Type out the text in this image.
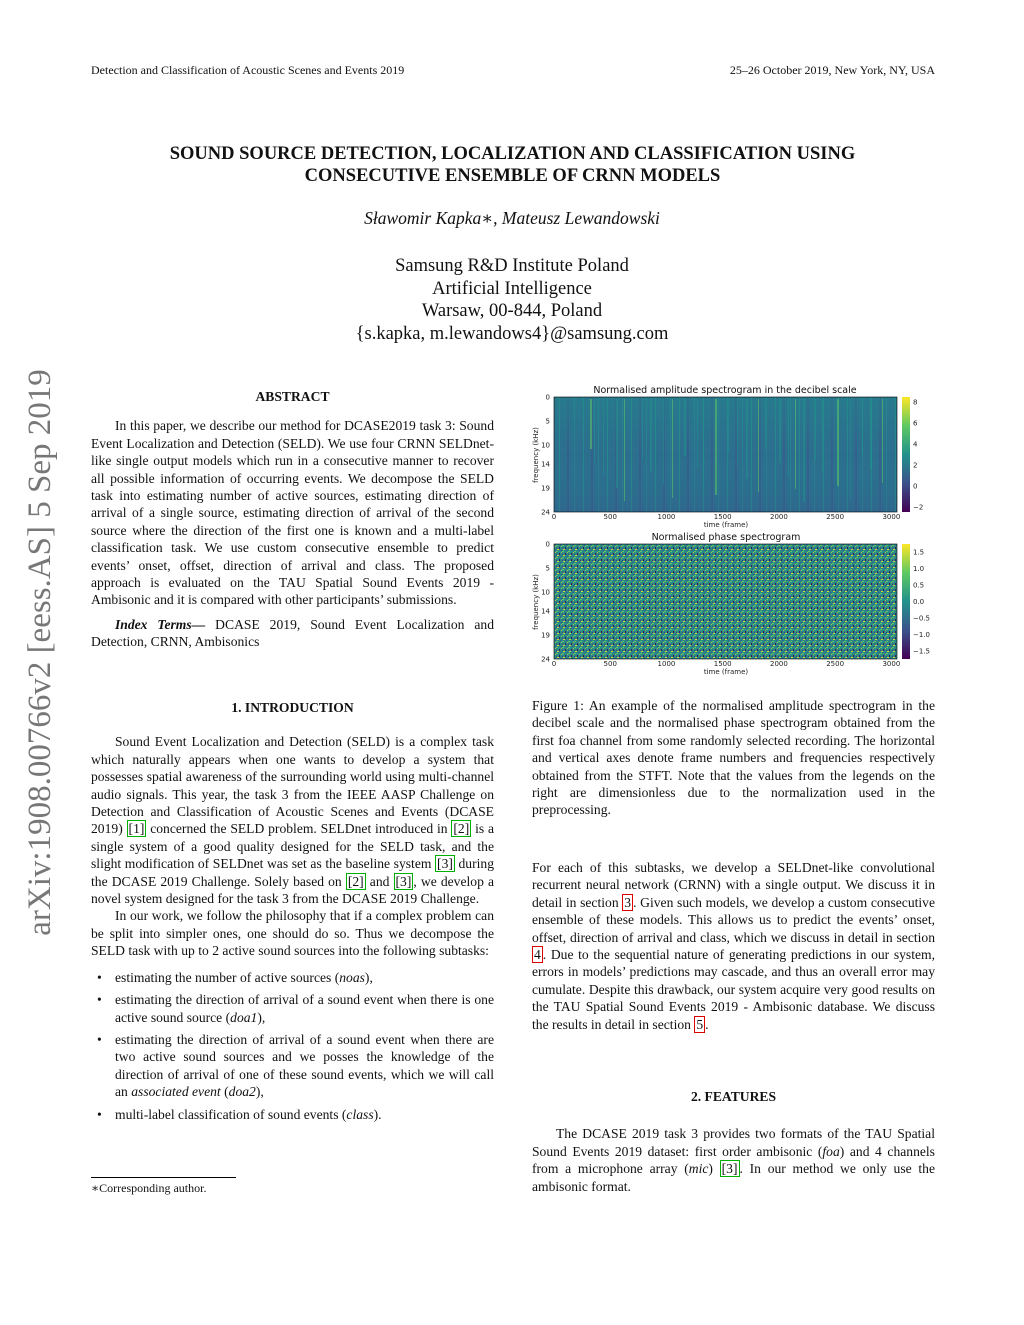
Detection and Classification of Acoustic Scenes and Events 2019	25–26 October 2019, New York, NY, USA
SOUND SOURCE DETECTION, LOCALIZATION AND CLASSIFICATION USING
CONSECUTIVE ENSEMBLE OF CRNN MODELS
Sławomir Kapka∗, Mateusz Lewandowski
Samsung R&D Institute Poland
Artificial Intelligence
Warsaw, 00-844, Poland
{s.kapka, m.lewandows4}@samsung.com
arXiv:1908.00766v2 [eess.AS] 5 Sep 2019	ABSTRACT

In this paper, we describe our method for DCASE2019 task 3: Sound Event Localization and Detection (SELD). We use four CRNN SELDnet-like single output models which run in a consecutive manner to recover all possible information of occurring events. We decompose the SELD task into estimating number of active sources, estimating direction of arrival of a single source, estimating direction of arrival of the second source where the direction of the first one is known and a multi-label classification task. We use custom consecutive ensemble to predict events’ onset, offset, direction of arrival and class. The proposed approach is evaluated on the TAU Spatial Sound Events 2019 - Ambisonic and it is compared with other participants’ submissions.

Index Terms— DCASE 2019, Sound Event Localization and Detection, CRNN, Ambisonics

1. INTRODUCTION

Sound Event Localization and Detection (SELD) is a complex task which naturally appears when one wants to develop a system that possesses spatial awareness of the surrounding world using multi-channel audio signals. This year, the task 3 from the IEEE AASP Challenge on Detection and Classification of Acoustic Scenes and Events (DCASE 2019) [1] concerned the SELD problem. SELDnet introduced in [2] is a single system of a good quality designed for the SELD task, and the slight modification of SELDnet was set as the baseline system [3] during the DCASE 2019 Challenge. Solely based on [2] and [3] , we develop a novel system designed for the task 3 from the DCASE 2019 Challenge.

In our work, we follow the philosophy that if a complex problem can be split into simpler ones, one should do so. Thus we decompose the SELD task with up to 2 active sound sources into the following subtasks:

• estimating the number of active sources (noas),
• estimating the direction of arrival of a sound event when there is one active sound source (doa1),
• estimating the direction of arrival of a sound event when there are two active sound sources and we posses the knowledge of the direction of arrival of one of these sound events, which we will call an associated event (doa2),
• multi-label classification of sound events (class).
∗Corresponding author.
Normalised amplitude spectrogram in the decibel scale
0
5
10
14
19
24
0	500	1000	1500	2000	2500	3000
time (frame)
frequency (kHz)
8
6
4
2
0
−2
Normalised phase spectrogram
0
5
10
14
19
24
0	500	1000	1500	2000	2500	3000
time (frame)
frequency (kHz)
1.5
1.0
0.5
0.0
−0.5
−1.0
−1.5
Figure 1: An example of the normalised amplitude spectrogram in the decibel scale and the normalised phase spectrogram obtained from the first foa channel from some randomly selected recording. The horizontal and vertical axes denote frame numbers and frequencies respectively obtained from the STFT. Note that the values from the legends on the right are dimensionless due to the normalization used in the preprocessing.

For each of this subtasks, we develop a SELDnet-like convolutional recurrent neural network (CRNN) with a single output. We discuss it in detail in section 3 . Given such models, we develop a custom consecutive ensemble of these models. This allows us to predict the events’ onset, offset, direction of arrival and class, which we discuss in detail in section 4 . Due to the sequential nature of generating predictions in our system, errors in models’ predictions may cascade, and thus an overall error may cumulate. Despite this drawback, our system acquire very good results on the TAU Spatial Sound Events 2019 - Ambisonic database. We discuss the results in detail in section 5 .

2. FEATURES

The DCASE 2019 task 3 provides two formats of the TAU Spatial Sound Events 2019 dataset: first order ambisonic (foa) and 4 channels from a microphone array (mic) [3] . In our method we only use the ambisonic format.
